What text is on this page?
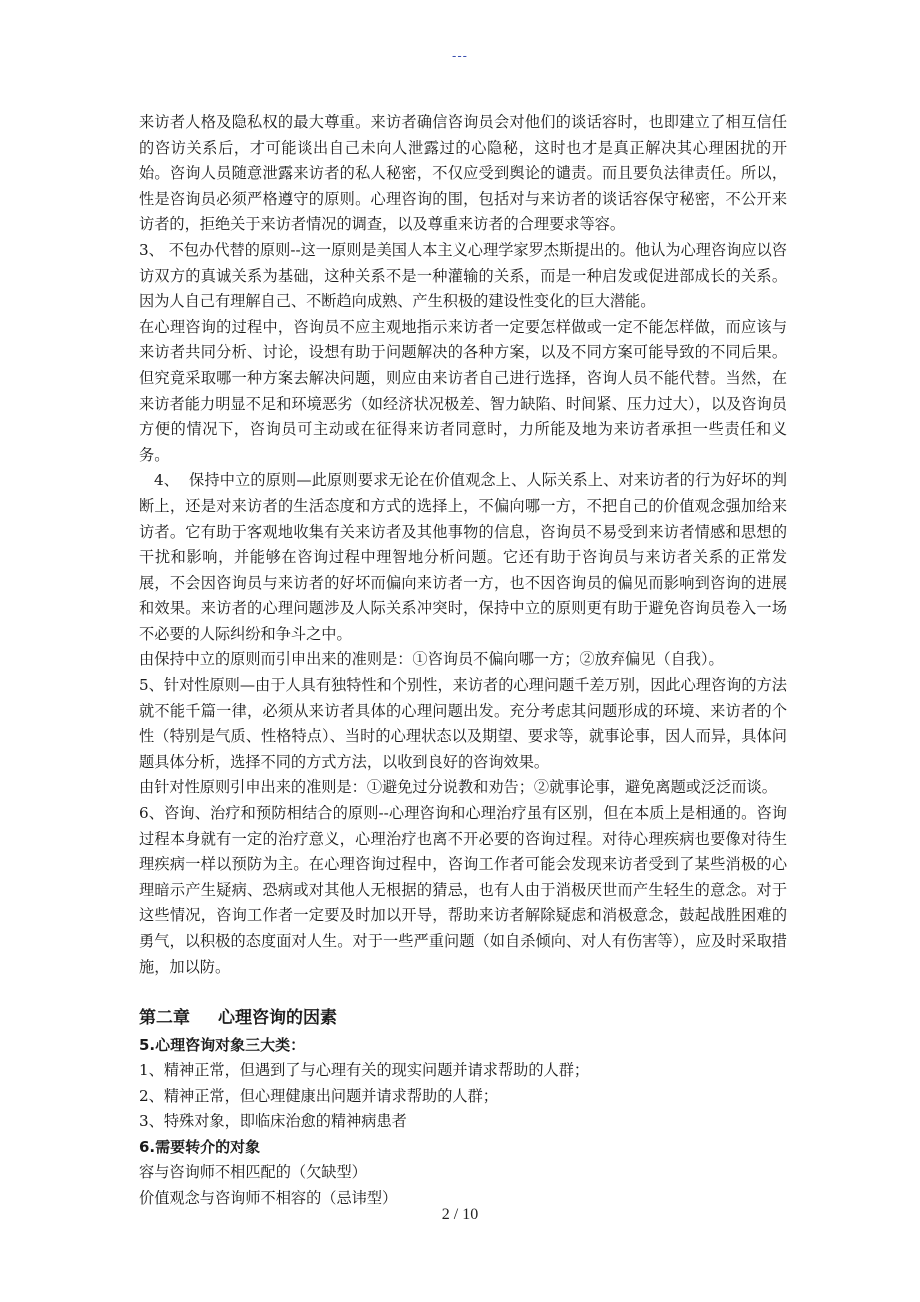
---

来访者人格及隐私权的最大尊重。来访者确信咨询员会对他们的谈话容时，也即建立了相互信任的咨访关系后，才可能谈出自己未向人泄露过的心隐秘，这时也才是真正解决其心理困扰的开始。咨询人员随意泄露来访者的私人秘密，不仅应受到舆论的谴责。而且要负法律责任。所以，性是咨询员必须严格遵守的原则。心理咨询的围，包括对与来访者的谈话容保守秘密，不公开来访者的，拒绝关于来访者情况的调查，以及尊重来访者的合理要求等容。

3、 不包办代替的原则--这一原则是美国人本主义心理学家罗杰斯提出的。他认为心理咨询应以咨访双方的真诚关系为基础，这种关系不是一种灌输的关系，而是一种启发或促进部成长的关系。因为人自己有理解自己、不断趋向成熟、产生积极的建设性变化的巨大潜能。

在心理咨询的过程中，咨询员不应主观地指示来访者一定要怎样做或一定不能怎样做，而应该与来访者共同分析、讨论，设想有助于问题解决的各种方案，以及不同方案可能导致的不同后果。但究竟采取哪一种方案去解决问题，则应由来访者自己进行选择，咨询人员不能代替。当然，在来访者能力明显不足和环境恶劣（如经济状况极差、智力缺陷、时间紧、压力过大），以及咨询员方便的情况下，咨询员可主动或在征得来访者同意时，力所能及地为来访者承担一些责任和义务。

4、  保持中立的原则—此原则要求无论在价值观念上、人际关系上、对来访者的行为好坏的判断上，还是对来访者的生活态度和方式的选择上，不偏向哪一方，不把自己的价值观念强加给来访者。它有助于客观地收集有关来访者及其他事物的信息，咨询员不易受到来访者情感和思想的干扰和影响，并能够在咨询过程中理智地分析问题。它还有助于咨询员与来访者关系的正常发展，不会因咨询员与来访者的好坏而偏向来访者一方，也不因咨询员的偏见而影响到咨询的进展和效果。来访者的心理问题涉及人际关系冲突时，保持中立的原则更有助于避免咨询员卷入一场不必要的人际纠纷和争斗之中。

由保持中立的原则而引申出来的准则是：①咨询员不偏向哪一方；②放弃偏见（自我）。

5、针对性原则—由于人具有独特性和个别性，来访者的心理问题千差万别，因此心理咨询的方法就不能千篇一律，必须从来访者具体的心理问题出发。充分考虑其问题形成的环境、来访者的个性（特别是气质、性格特点）、当时的心理状态以及期望、要求等，就事论事，因人而异，具体问题具体分析，选择不同的方式方法，以收到良好的咨询效果。

由针对性原则引申出来的准则是：①避免过分说教和劝告；②就事论事，避免离题或泛泛而谈。

6、咨询、治疗和预防相结合的原则--心理咨询和心理治疗虽有区别，但在本质上是相通的。咨询过程本身就有一定的治疗意义，心理治疗也离不开必要的咨询过程。对待心理疾病也要像对待生理疾病一样以预防为主。在心理咨询过程中，咨询工作者可能会发现来访者受到了某些消极的心理暗示产生疑病、恐病或对其他人无根据的猜忌，也有人由于消极厌世而产生轻生的意念。对于这些情况，咨询工作者一定要及时加以开导，帮助来访者解除疑虑和消极意念，鼓起战胜困难的勇气，以积极的态度面对人生。对于一些严重问题（如自杀倾向、对人有伤害等），应及时采取措施，加以防。

第二章 心理咨询的因素

5.心理咨询对象三大类：

1、精神正常，但遇到了与心理有关的现实问题并请求帮助的人群；

2、精神正常，但心理健康出问题并请求帮助的人群；

3、特殊对象，即临床治愈的精神病患者

6.需要转介的对象

容与咨询师不相匹配的（欠缺型）

价值观念与咨询师不相容的（忌讳型）

2 / 10
